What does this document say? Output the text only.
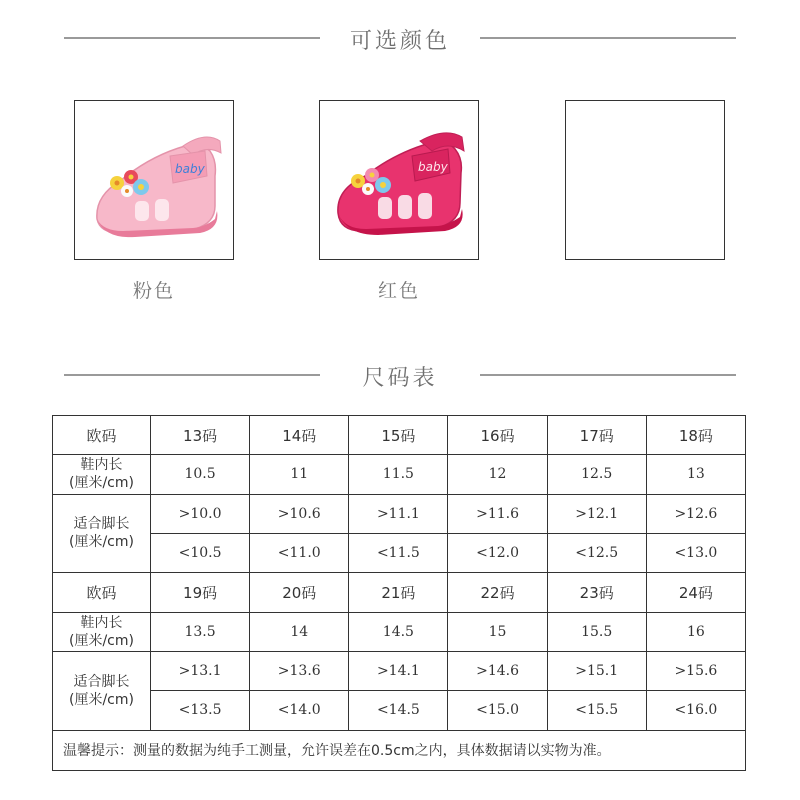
可选颜色
baby	baby
粉色	红色
尺码表
欧码	13码	14码	15码	16码	17码	18码

鞋内长
(厘米/cm)	10.5	11	11.5	12	12.5	13

适合脚长
(厘米/cm)	>10.0	>10.6	>11.1	>11.6	>12.1	>12.6
	<10.5	<11.0	<11.5	<12.0	<12.5	<13.0
欧码	19码	20码	21码	22码	23码	24码

鞋内长
(厘米/cm)	13.5	14	14.5	15	15.5	16

适合脚长
(厘米/cm)	>13.1	>13.6	>14.1	>14.6	>15.1	>15.6
	<13.5	<14.0	<14.5	<15.0	<15.5	<16.0
温馨提示：测量的数据为纯手工测量，允许误差在0.5cm之内，具体数据请以实物为准。						
